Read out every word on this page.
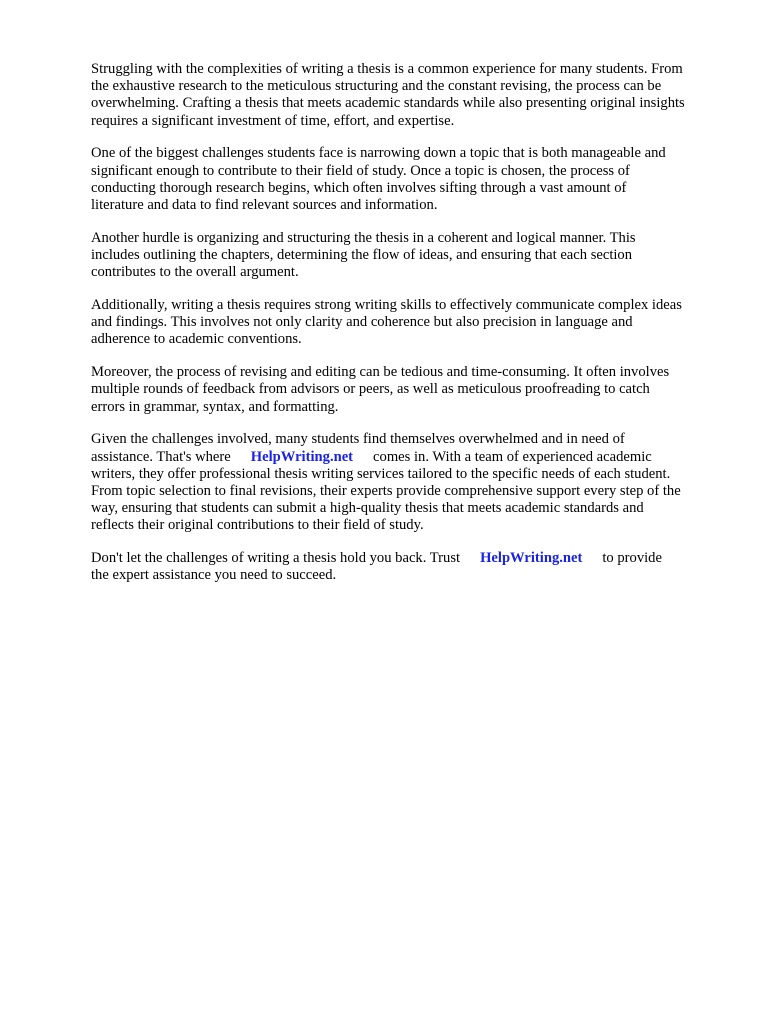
Struggling with the complexities of writing a thesis is a common experience for many students. From
the exhaustive research to the meticulous structuring and the constant revising, the process can be
overwhelming. Crafting a thesis that meets academic standards while also presenting original insights
requires a significant investment of time, effort, and expertise.

One of the biggest challenges students face is narrowing down a topic that is both manageable and
significant enough to contribute to their field of study. Once a topic is chosen, the process of
conducting thorough research begins, which often involves sifting through a vast amount of
literature and data to find relevant sources and information.

Another hurdle is organizing and structuring the thesis in a coherent and logical manner. This
includes outlining the chapters, determining the flow of ideas, and ensuring that each section
contributes to the overall argument.

Additionally, writing a thesis requires strong writing skills to effectively communicate complex ideas
and findings. This involves not only clarity and coherence but also precision in language and
adherence to academic conventions.

Moreover, the process of revising and editing can be tedious and time-consuming. It often involves
multiple rounds of feedback from advisors or peers, as well as meticulous proofreading to catch
errors in grammar, syntax, and formatting.

Given the challenges involved, many students find themselves overwhelmed and in need of
assistance. That's where HelpWriting.net comes in. With a team of experienced academic
writers, they offer professional thesis writing services tailored to the specific needs of each student.
From topic selection to final revisions, their experts provide comprehensive support every step of the
way, ensuring that students can submit a high-quality thesis that meets academic standards and
reflects their original contributions to their field of study.

Don't let the challenges of writing a thesis hold you back. Trust HelpWriting.net to provide
the expert assistance you need to succeed.
